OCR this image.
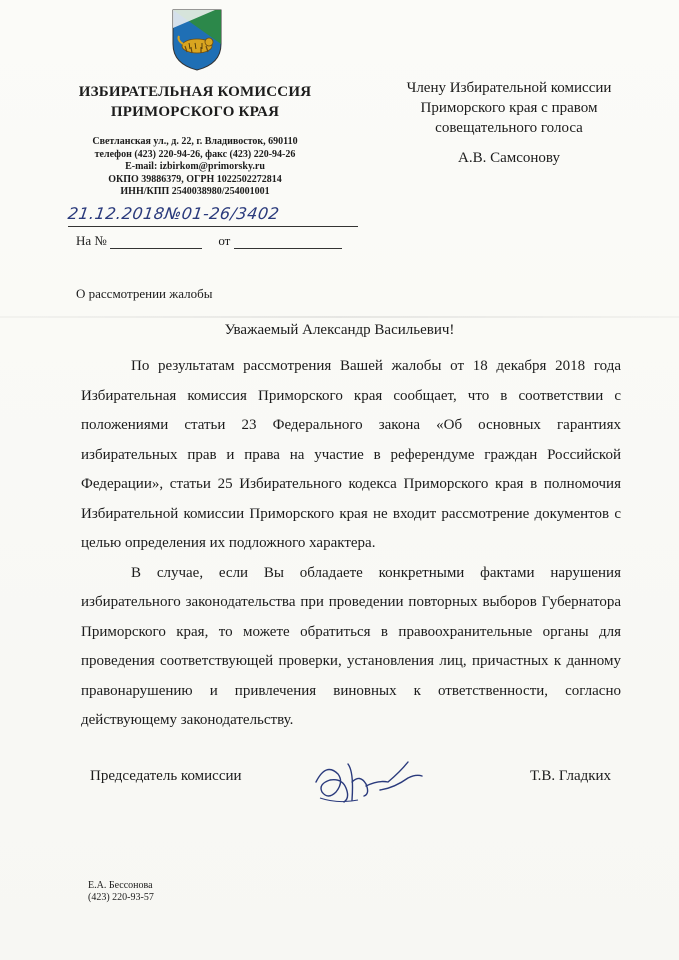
ИЗБИРАТЕЛЬНАЯ КОМИССИЯ
ПРИМОРСКОГО КРАЯ
Светланская ул., д. 22, г. Владивосток, 690110
телефон (423) 220-94-26, факс (423) 220-94-26
E-mail: izbirkom@primorsky.ru
ОКПО 39886379, ОГРН 1022502272814
ИНН/КПП 2540038980/254001001
Члену Избирательной комиссии
Приморского края с правом
совещательного голоса
А.В. Самсонову
21.12.2018№01-26/3402
На №	от
О рассмотрении жалобы
Уважаемый Александр Васильевич!

По результатам рассмотрения Вашей жалобы от 18 декабря 2018 года Избирательная комиссия Приморского края сообщает, что в соответствии с положениями статьи 23 Федерального закона «Об основных гарантиях избирательных прав и права на участие в референдуме граждан Российской Федерации», статьи 25 Избирательного кодекса Приморского края в полномочия Избирательной комиссии Приморского края не входит рассмотрение документов с целью определения их подложного характера.

В случае, если Вы обладаете конкретными фактами нарушения избирательного законодательства при проведении повторных выборов Губернатора Приморского края, то можете обратиться в правоохранительные органы для проведения соответствующей проверки, установления лиц, причастных к данному правонарушению и привлечения виновных к ответственности, согласно действующему законодательству.

Председатель комиссии	Т.В. Гладких
Е.А. Бессонова
(423) 220-93-57
